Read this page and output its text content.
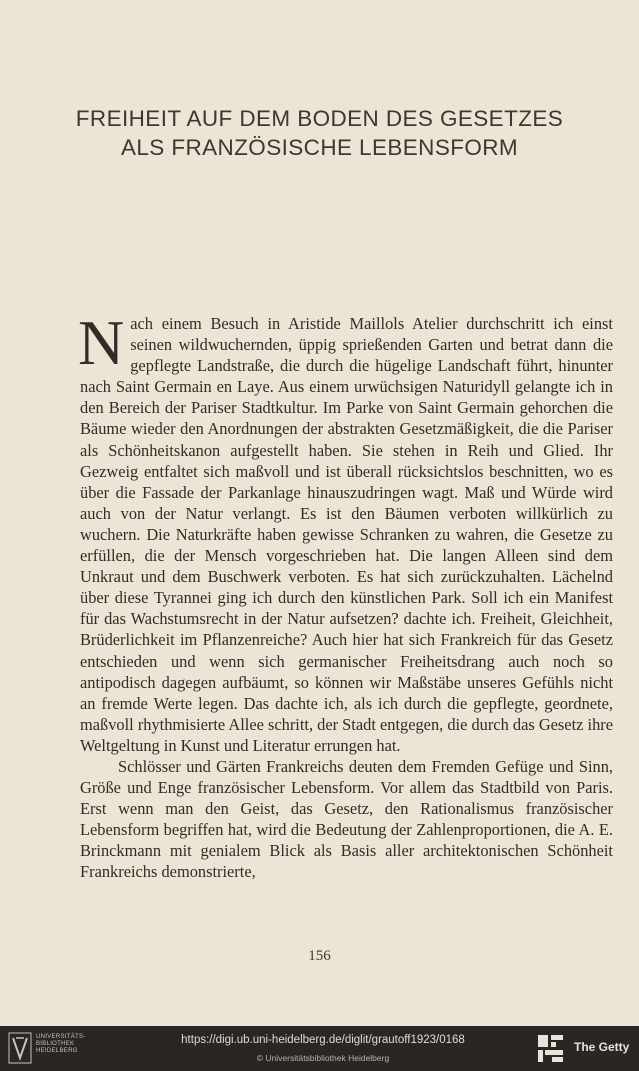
FREIHEIT AUF DEM BODEN DES GESETZES
ALS FRANZÖSISCHE LEBENSFORM

Nach einem Besuch in Aristide Maillols Atelier durchschritt ich einst seinen wildwuchernden, üppig sprießenden Garten und betrat dann die gepflegte Landstraße, die durch die hügelige Landschaft führt, hinunter nach Saint Germain en Laye. Aus einem urwüchsigen Naturidyll gelangte ich in den Bereich der Pariser Stadtkultur. Im Parke von Saint Germain gehorchen die Bäume wieder den Anordnungen der abstrakten Gesetzmäßigkeit, die die Pariser als Schönheitskanon aufgestellt haben. Sie stehen in Reih und Glied. Ihr Gezweig entfaltet sich maßvoll und ist überall rücksichtslos beschnitten, wo es über die Fassade der Parkanlage hinauszudringen wagt. Maß und Würde wird auch von der Natur verlangt. Es ist den Bäumen verboten willkürlich zu wuchern. Die Naturkräfte haben gewisse Schranken zu wahren, die Gesetze zu erfüllen, die der Mensch vorgeschrieben hat. Die langen Alleen sind dem Unkraut und dem Buschwerk verboten. Es hat sich zurückzuhalten. Lächelnd über diese Tyrannei ging ich durch den künstlichen Park. Soll ich ein Manifest für das Wachstumsrecht in der Natur aufsetzen? dachte ich. Freiheit, Gleichheit, Brüderlichkeit im Pflanzenreiche? Auch hier hat sich Frankreich für das Gesetz entschieden und wenn sich germanischer Freiheitsdrang auch noch so antipodisch dagegen aufbäumt, so können wir Maßstäbe unseres Gefühls nicht an fremde Werte legen. Das dachte ich, als ich durch die gepflegte, geordnete, maßvoll rhythmisierte Allee schritt, der Stadt entgegen, die durch das Gesetz ihre Weltgeltung in Kunst und Literatur errungen hat.

Schlösser und Gärten Frankreichs deuten dem Fremden Gefüge und Sinn, Größe und Enge französischer Lebensform. Vor allem das Stadtbild von Paris. Erst wenn man den Geist, das Gesetz, den Rationalismus französischer Lebensform begriffen hat, wird die Bedeutung der Zahlenproportionen, die A. E. Brinckmann mit genialem Blick als Basis aller architektonischen Schönheit Frankreichs demonstrierte,

156
UNIVERSITÄTS-
BIBLIOTHEK
HEIDELBERG
https://digi.ub.uni-heidelberg.de/diglit/grautoff1923/0168
© Universitätsbibliothek Heidelberg
The Getty
